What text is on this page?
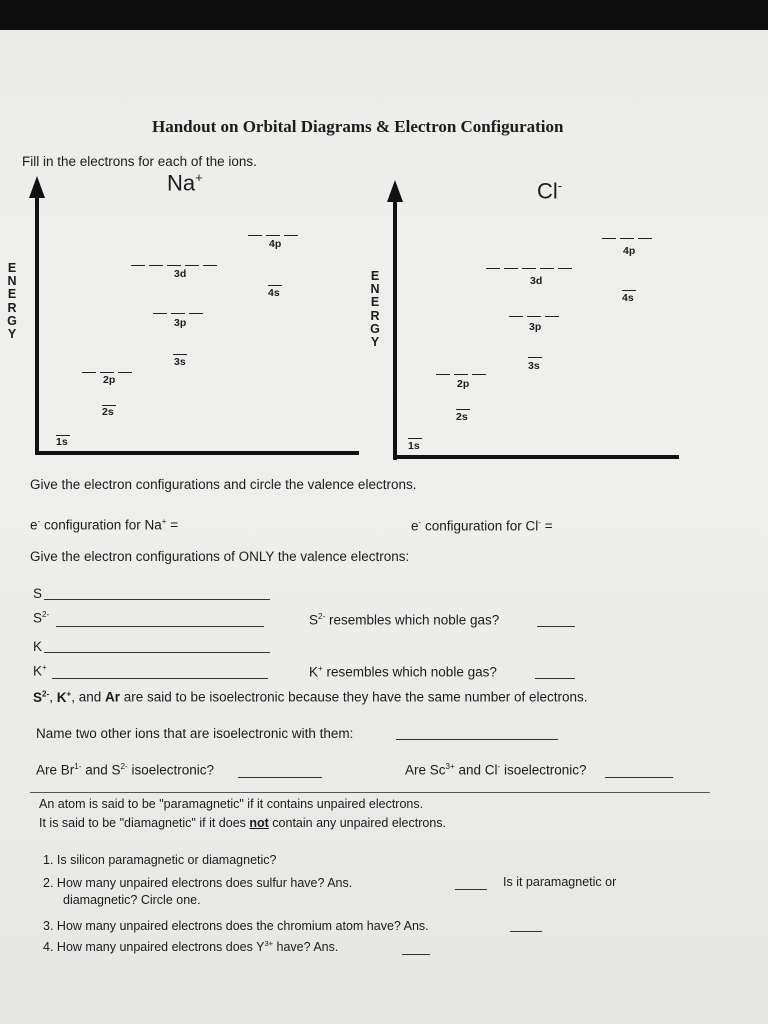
Handout on Orbital Diagrams & Electron Configuration
Fill in the electrons for each of the ions.
Na+
E
N
E
R
G
Y
1s
2s
2p
3s
3p
3d
4s
4p
Cl-
E
N
E
R
G
Y
1s
2s
2p
3s
3p
3d
4s
4p
Give the electron configurations and circle the valence electrons.
e- configuration for Na+ =	e- configuration for Cl- =
Give the electron configurations of ONLY the valence electrons:
S
$S^{2-}$	$S^{2-}$ resembles which noble gas?
K
K+	K+ resembles which noble gas?
$S^{2-}$, K+, and Ar are said to be isoelectronic because they have the same number of electrons.
Name two other ions that are isoelectronic with them:
Are $Br^{1-}$ and $S^{2-}$ isoelectronic?	Are $Sc^{3+}$ and Cl- isoelectronic?
An atom is said to be "paramagnetic" if it contains unpaired electrons.
It is said to be "diamagnetic" if it does not contain any unpaired electrons.
1. Is silicon paramagnetic or diamagnetic?
2. How many unpaired electrons does sulfur have? Ans.	Is it paramagnetic or
diamagnetic? Circle one.
3. How many unpaired electrons does the chromium atom have? Ans.
4. How many unpaired electrons does $Y^{3+}$ have? Ans.
